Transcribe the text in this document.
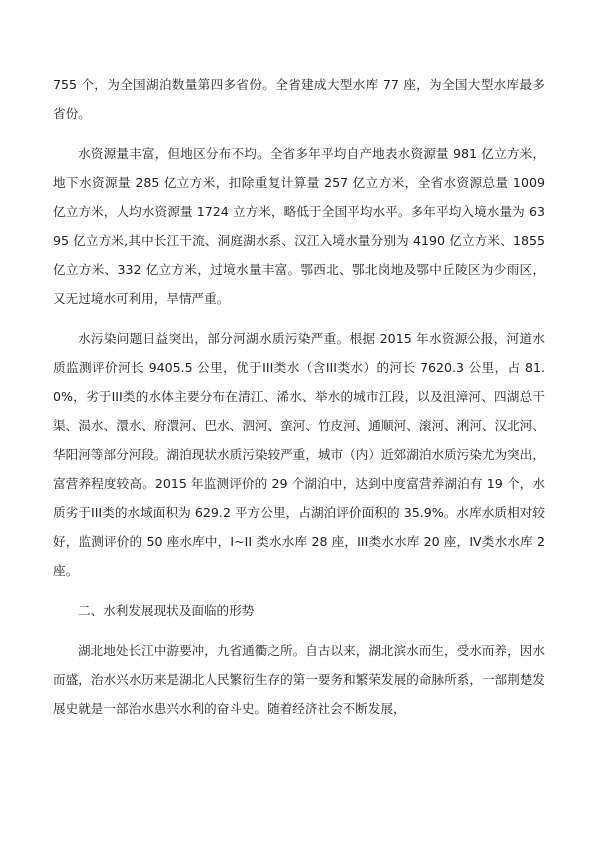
755 个，为全国湖泊数量第四多省份。全省建成大型水库 77 座，为全国大型水库最多省份。

水资源量丰富，但地区分布不均。全省多年平均自产地表水资源量 981 亿立方米，地下水资源量 285 亿立方米，扣除重复计算量 257 亿立方米，全省水资源总量 1009 亿立方米，人均水资源量 1724 立方米，略低于全国平均水平。多年平均入境水量为 6395 亿立方米,其中长江干流、洞庭湖水系、汉江入境水量分别为 4190 亿立方米、1855 亿立方米、332 亿立方米，过境水量丰富。鄂西北、鄂北岗地及鄂中丘陵区为少雨区，又无过境水可利用，旱情严重。

水污染问题日益突出，部分河湖水质污染严重。根据 2015 年水资源公报，河道水质监测评价河长 9405.5 公里，优于III类水（含III类水）的河长 7620.3 公里，占 81.0%，劣于III类的水体主要分布在清江、浠水、举水的城市江段，以及沮漳河、四湖总干渠、涢水、澴水、府澴河、巴水、泗河、蛮河、竹皮河、通顺河、滚河、浰河、汉北河、华阳河等部分河段。湖泊现状水质污染较严重，城市（内）近郊湖泊水质污染尤为突出，富营养程度较高。2015 年监测评价的 29 个湖泊中，达到中度富营养湖泊有 19 个，水质劣于III类的水域面积为 629.2 平方公里，占湖泊评价面积的 35.9%。水库水质相对较好，监测评价的 50 座水库中，I~II 类水水库 28 座，III类水水库 20 座，IV类水水库 2 座。

二、水利发展现状及面临的形势

湖北地处长江中游要冲，九省通衢之所。自古以来，湖北滨水而生，受水而养，因水而盛，治水兴水历来是湖北人民繁衍生存的第一要务和繁荣发展的命脉所系，一部荆楚发展史就是一部治水患兴水利的奋斗史。随着经济社会不断发展，
